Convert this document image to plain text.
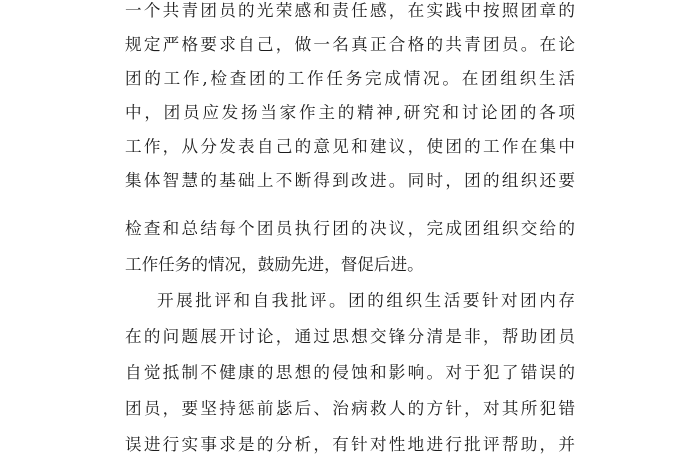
一个共青团员的光荣感和责任感，在实践中按照团章的
规定严格要求自己，做一名真正合格的共青团员。在论
团的工作,检查团的工作任务完成情况。在团组织生活
中，团员应发扬当家作主的精神,研究和讨论团的各项
工作，从分发表自己的意见和建议，使团的工作在集中
集体智慧的基础上不断得到改进。同时，团的组织还要
检查和总结每个团员执行团的决议，完成团组织交给的
工作任务的情况，鼓励先进，督促后进。
开展批评和自我批评。团的组织生活要针对团内存
在的问题展开讨论，通过思想交锋分清是非，帮助团员
自觉抵制不健康的思想的侵蚀和影响。对于犯了错误的
团员，要坚持惩前毖后、治病救人的方针，对其所犯错
误进行实事求是的分析，有针对性地进行批评帮助，并
